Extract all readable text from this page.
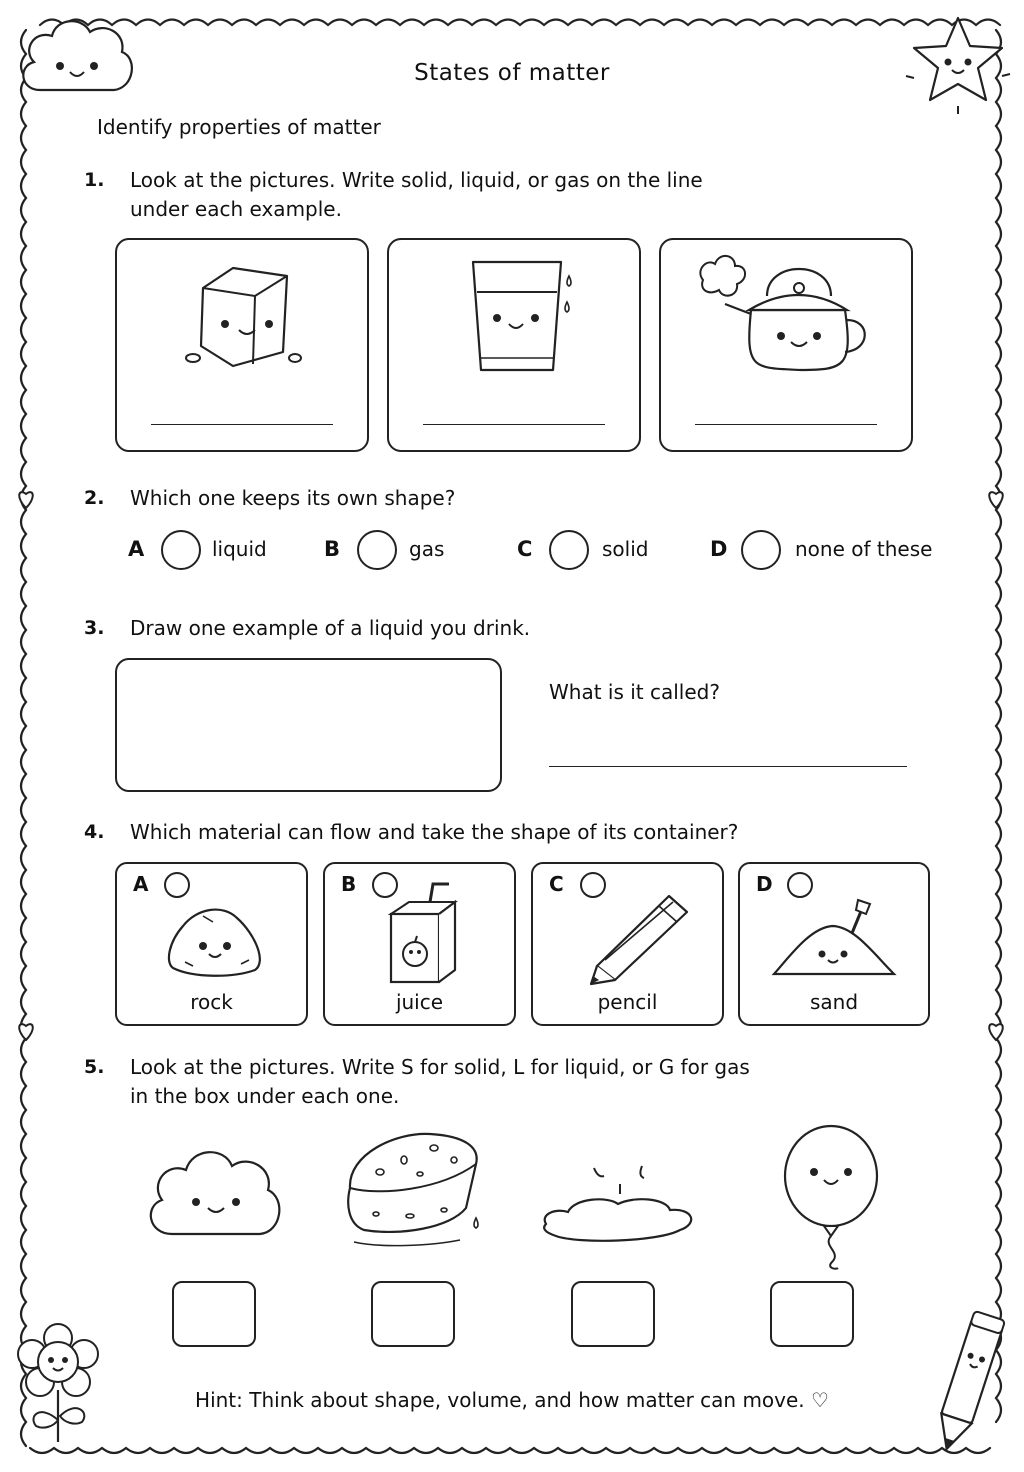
States of matter
Identify properties of matter
1. Look at the pictures. Write solid, liquid, or gas on the line
under each example.
2. Which one keeps its own shape?
A	liquid	B	gas	C	solid	D	none of these
3. Draw one example of a liquid you drink.
What is it called?
4. Which material can flow and take the shape of its container?
A
rock
B
juice
C
pencil
D
sand
5. Look at the pictures. Write S for solid, L for liquid, or G for gas
in the box under each one.
Hint: Think about shape, volume, and how matter can move. ♡
